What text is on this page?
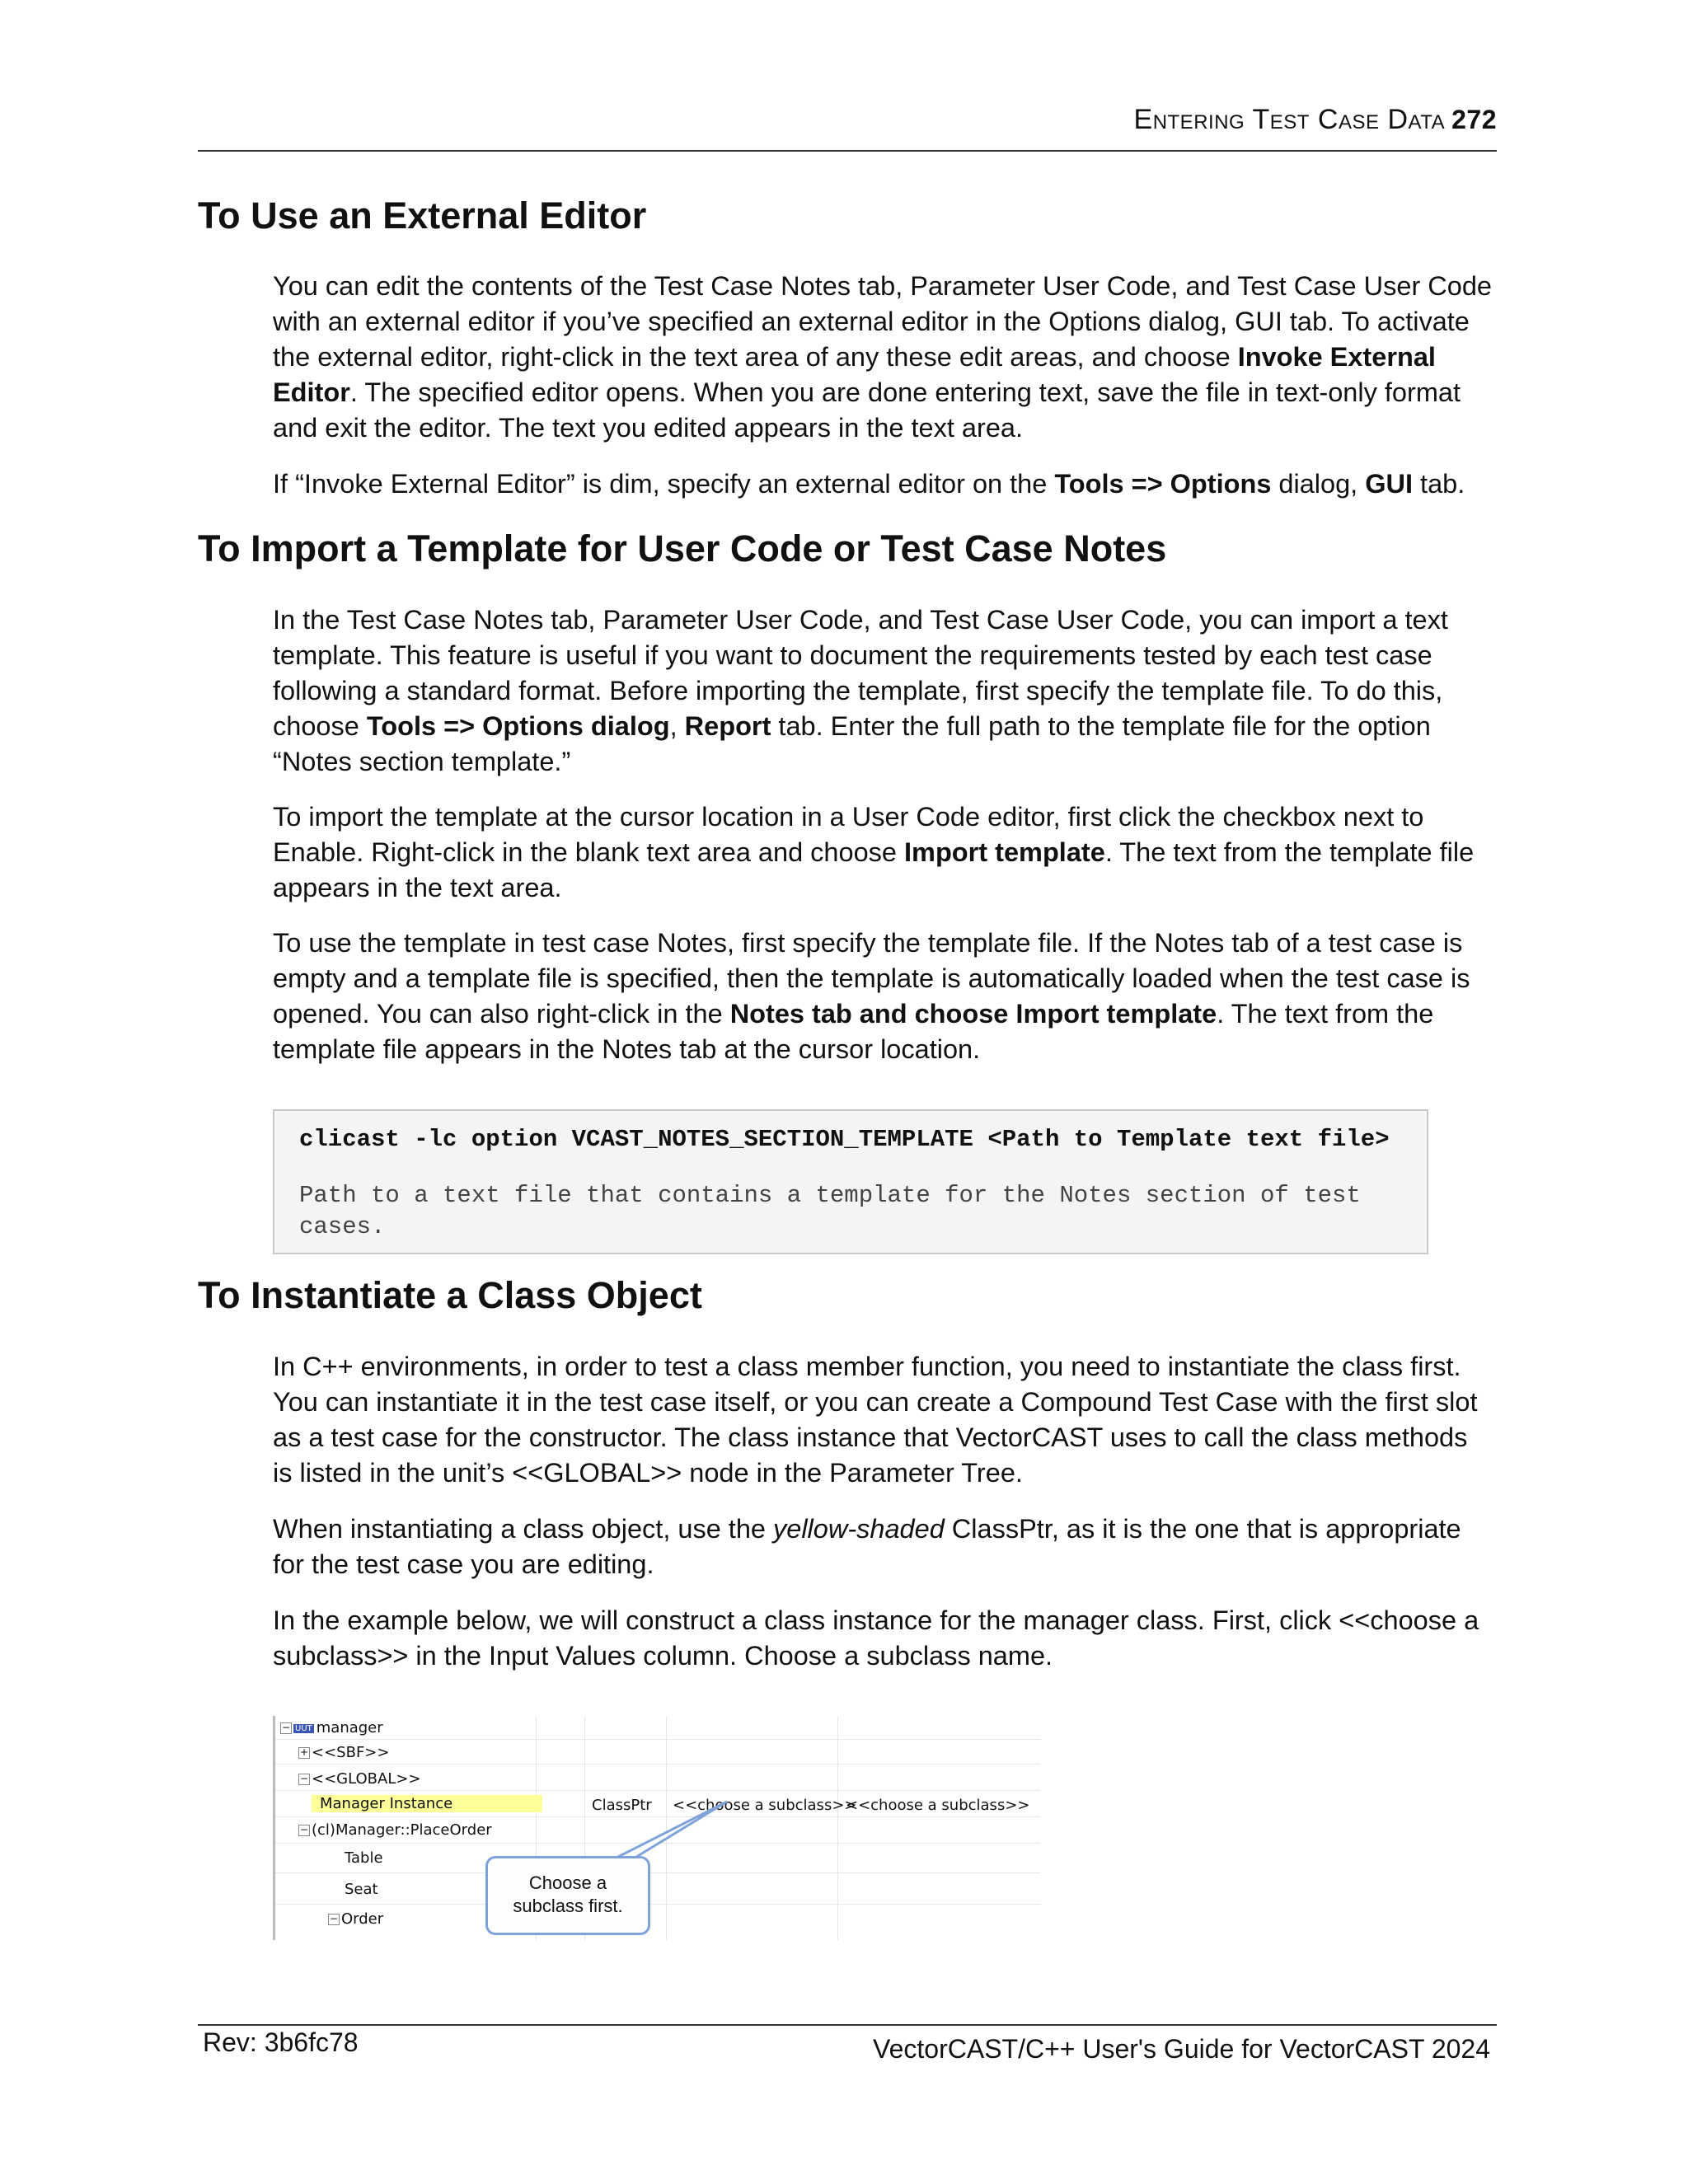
Entering Test Case Data 272
To Use an External Editor

You can edit the contents of the Test Case Notes tab, Parameter User Code, and Test Case User Code with an external editor if you’ve specified an external editor in the Options dialog, GUI tab. To activate the external editor, right-click in the text area of any these edit areas, and choose Invoke External Editor. The specified editor opens. When you are done entering text, save the file in text-only format and exit the editor. The text you edited appears in the text area.

If “Invoke External Editor” is dim, specify an external editor on the Tools => Options dialog, GUI tab.

To Import a Template for User Code or Test Case Notes

In the Test Case Notes tab, Parameter User Code, and Test Case User Code, you can import a text template. This feature is useful if you want to document the requirements tested by each test case following a standard format. Before importing the template, first specify the template file. To do this, choose Tools => Options dialog, Report tab. Enter the full path to the template file for the option “Notes section template.”

To import the template at the cursor location in a User Code editor, first click the checkbox next to Enable. Right-click in the blank text area and choose Import template. The text from the template file appears in the text area.

To use the template in test case Notes, first specify the template file. If the Notes tab of a test case is empty and a template file is specified, then the template is automatically loaded when the test case is opened. You can also right-click in the Notes tab and choose Import template. The text from the template file appears in the Notes tab at the cursor location.

clicast -lc option VCAST_NOTES_SECTION_TEMPLATE <Path to Template text file>
Path to a text file that contains a template for the Notes section of test cases.
To Instantiate a Class Object

In C++ environments, in order to test a class member function, you need to instantiate the class first. You can instantiate it in the test case itself, or you can create a Compound Test Case with the first slot as a test case for the constructor. The class instance that VectorCAST uses to call the class methods is listed in the unit’s <<GLOBAL>> node in the Parameter Tree.

When instantiating a class object, use the yellow-shaded ClassPtr, as it is the one that is appropriate for the test case you are editing.

In the example below, we will construct a class instance for the manager class. First, click <<choose a subclass>> in the Input Values column. Choose a subclass name.

− UUT manager
+ <<SBF>>
− <<GLOBAL>>
Manager Instance	ClassPtr <<choose a subclass>>
<<choose a subclass>>
− (cl)Manager::PlaceOrder
Table
Seat
− Order
Choose a
subclass first.
Rev: 3b6fc78	VectorCAST/C++ User's Guide for VectorCAST 2024
